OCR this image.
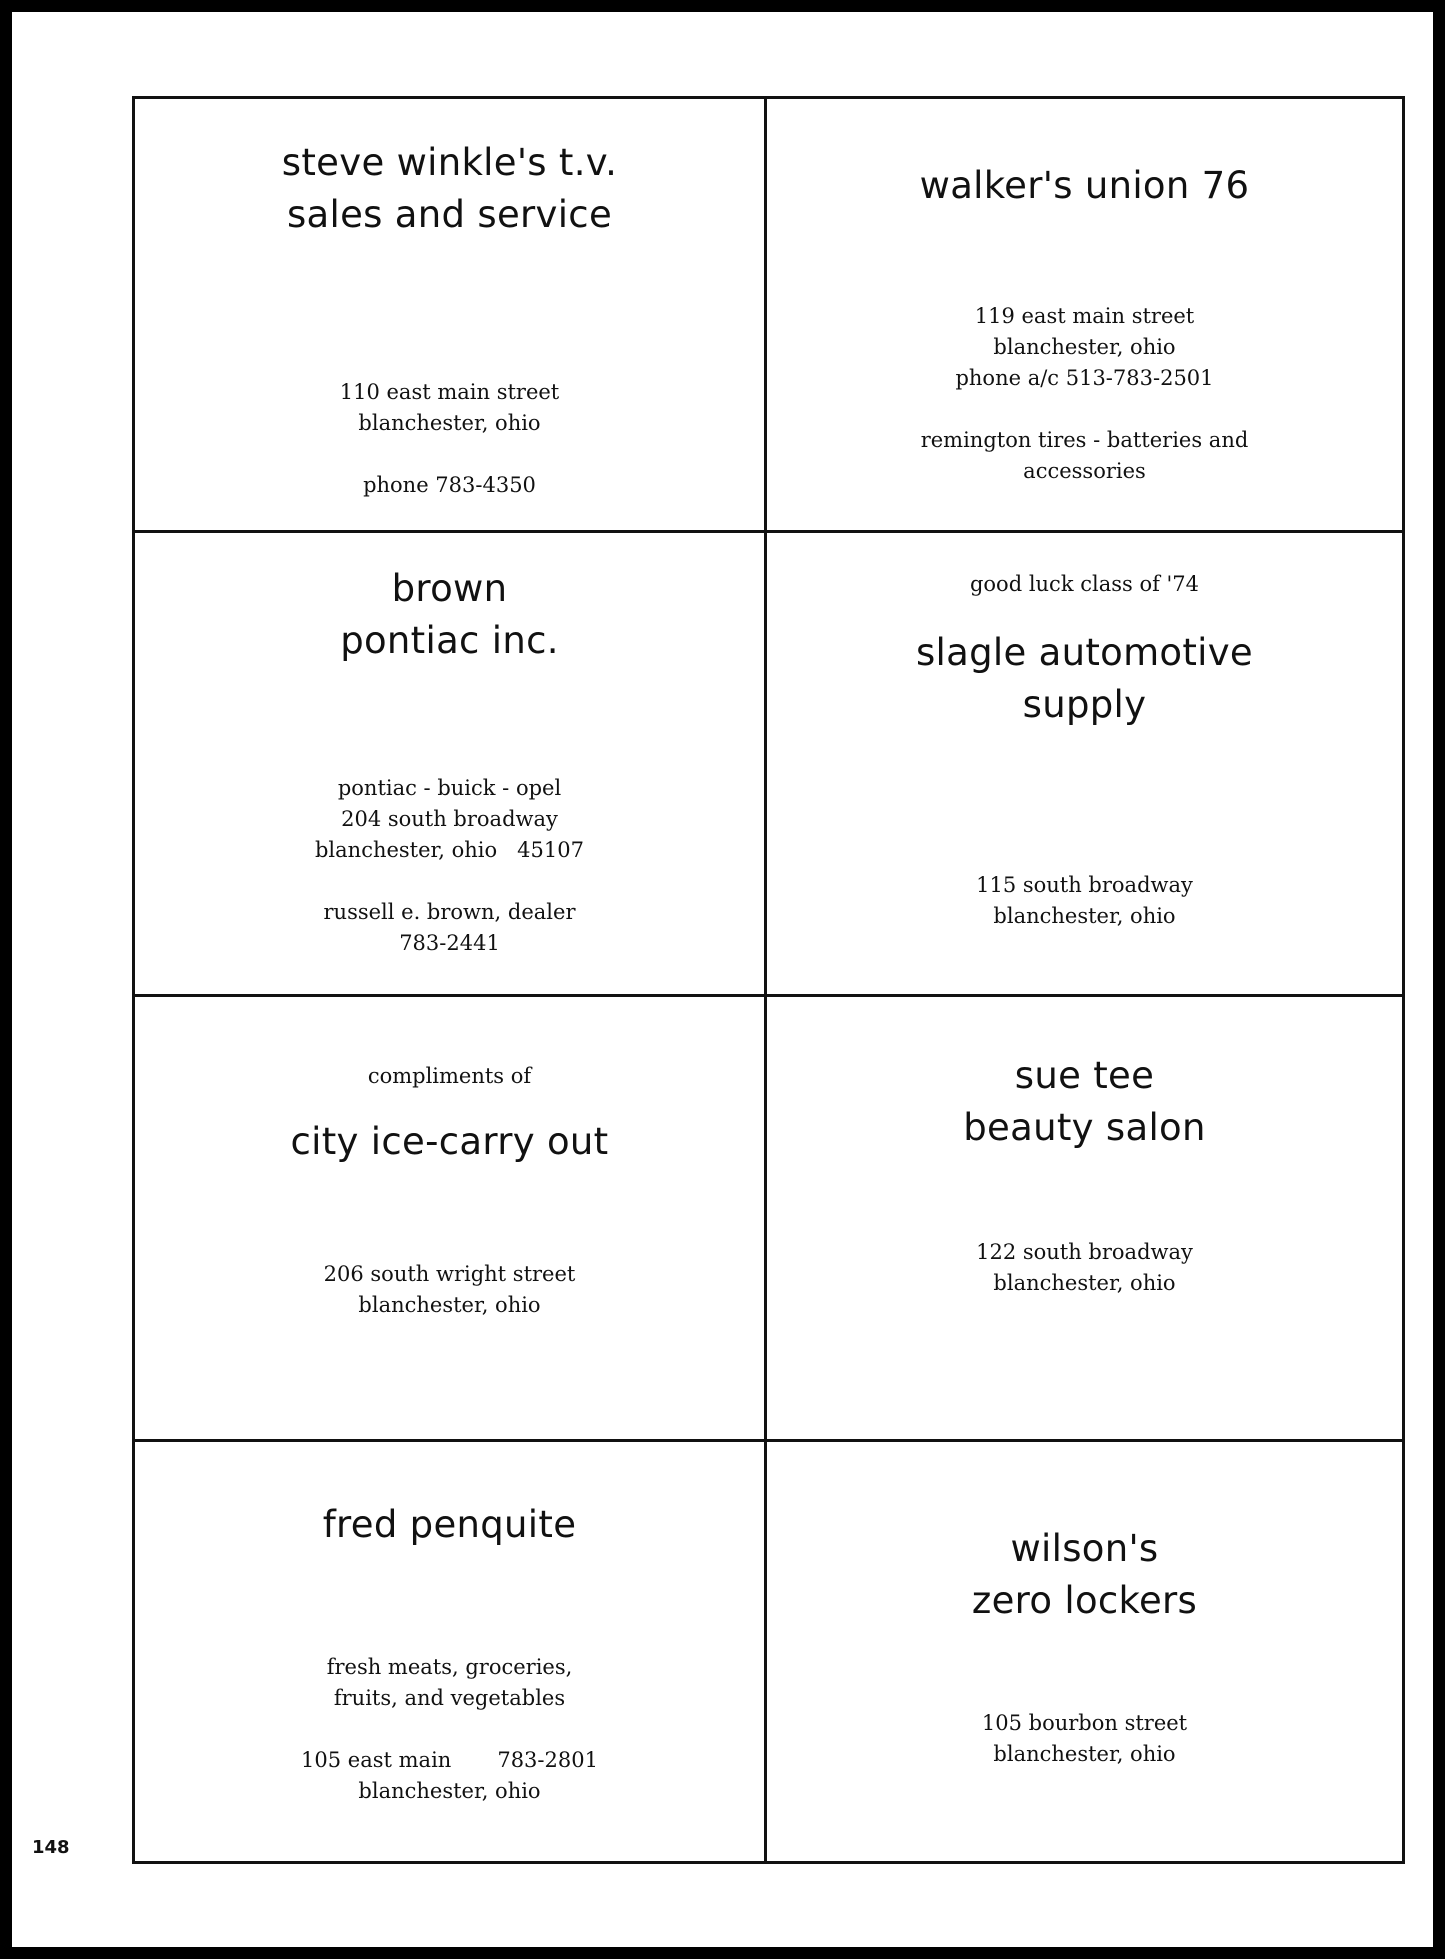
steve winkle's t.v.
sales and service
110 east main street
blanchester, ohio
phone 783-4350
walker's union 76
119 east main street
blanchester, ohio
phone a/c 513-783-2501
remington tires - batteries and
accessories
brown
pontiac inc.
pontiac - buick - opel
204 south broadway
blanchester, ohio   45107
russell e. brown, dealer
783-2441
good luck class of '74
slagle automotive
supply
115 south broadway
blanchester, ohio
compliments of
city ice-carry out
206 south wright street
blanchester, ohio
sue tee
beauty salon
122 south broadway
blanchester, ohio
fred penquite
fresh meats, groceries,
fruits, and vegetables
105 east main 783-2801
blanchester, ohio
wilson's
zero lockers
105 bourbon street
blanchester, ohio
148
